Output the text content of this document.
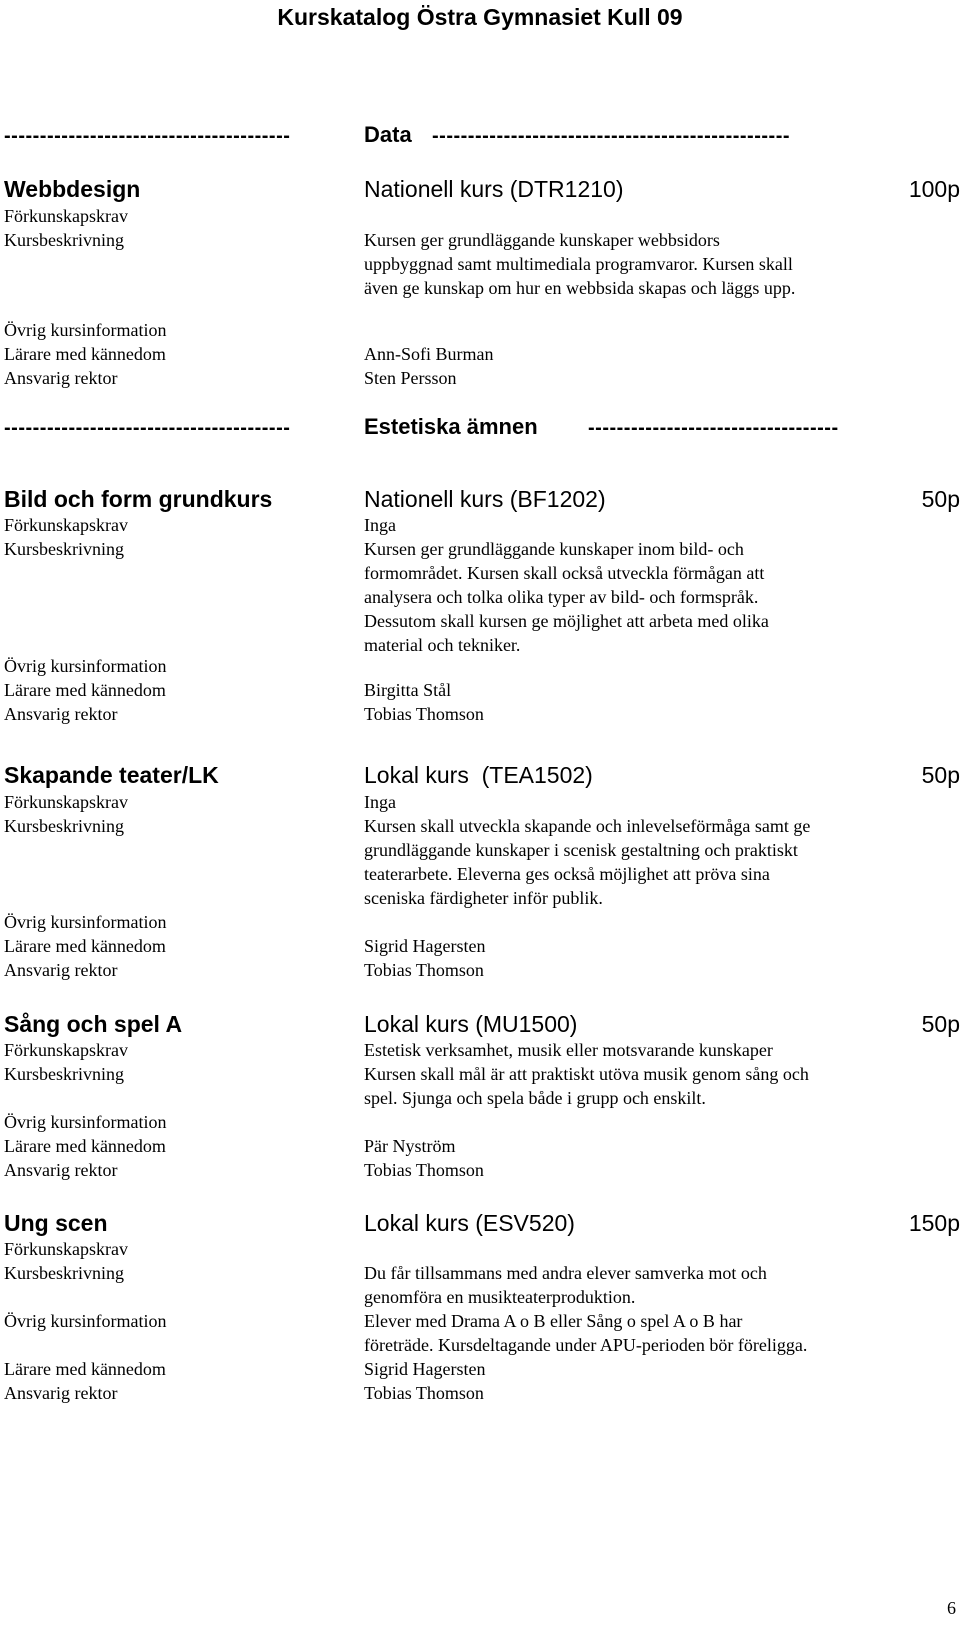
Kurskatalog Östra Gymnasiet Kull 09
----------------------------------------	Data --------------------------------------------------
Webbdesign	Nationell kurs (DTR1210)	100p
Förkunskapskrav
Kursbeskrivning	Kursen ger grundläggande kunskaper webbsidors
uppbyggnad samt multimediala programvaror. Kursen skall
även ge kunskap om hur en webbsida skapas och läggs upp.
Övrig kursinformation
Lärare med kännedom	Ann-Sofi Burman
Ansvarig rektor	Sten Persson
----------------------------------------	Estetiska ämnen	-----------------------------------
Bild och form grundkurs	Nationell kurs (BF1202)	50p
Förkunskapskrav	Inga
Kursbeskrivning	Kursen ger grundläggande kunskaper inom bild- och
formområdet. Kursen skall också utveckla förmågan att
analysera och tolka olika typer av bild- och formspråk.
Dessutom skall kursen ge möjlighet att arbeta med olika
material och tekniker.
Övrig kursinformation
Lärare med kännedom	Birgitta Stål
Ansvarig rektor	Tobias Thomson
Skapande teater/LK	Lokal kurs  (TEA1502)	50p
Förkunskapskrav	Inga
Kursbeskrivning	Kursen skall utveckla skapande och inlevelseförmåga samt ge
grundläggande kunskaper i scenisk gestaltning och praktiskt
teaterarbete. Eleverna ges också möjlighet att pröva sina
sceniska färdigheter inför publik.
Övrig kursinformation
Lärare med kännedom	Sigrid Hagersten
Ansvarig rektor	Tobias Thomson
Sång och spel A	Lokal kurs (MU1500)	50p
Förkunskapskrav	Estetisk verksamhet, musik eller motsvarande kunskaper
Kursbeskrivning	Kursen skall mål är att praktiskt utöva musik genom sång och
spel. Sjunga och spela både i grupp och enskilt.
Övrig kursinformation
Lärare med kännedom	Pär Nyström
Ansvarig rektor	Tobias Thomson
Ung scen	Lokal kurs (ESV520)	150p
Förkunskapskrav
Kursbeskrivning	Du får tillsammans med andra elever samverka mot och
genomföra en musikteaterproduktion.
Övrig kursinformation	Elever med Drama A o B eller Sång o spel A o B har
företräde. Kursdeltagande under APU-perioden bör föreligga.
Lärare med kännedom	Sigrid Hagersten
Ansvarig rektor	Tobias Thomson
6
